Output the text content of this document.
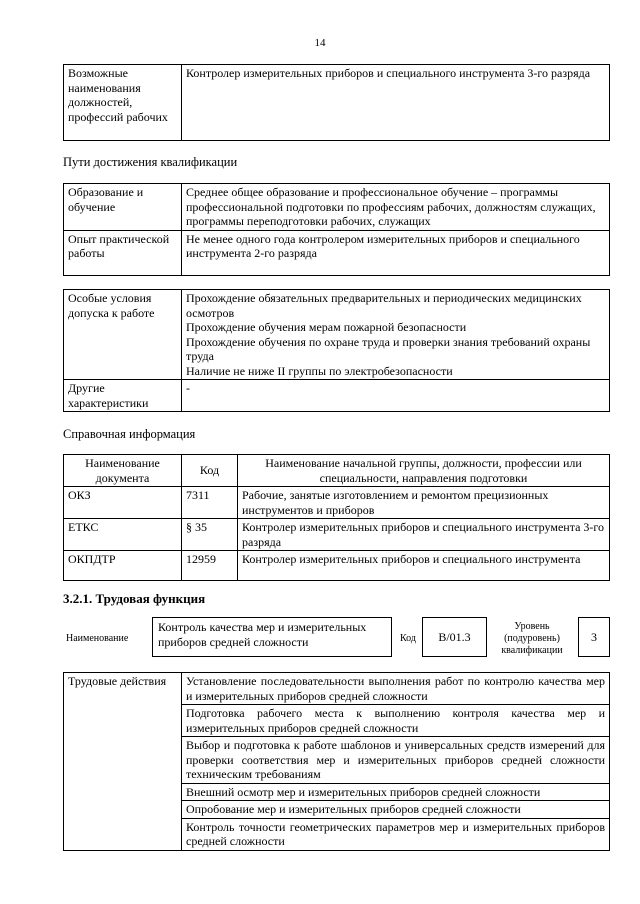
14
Возможные наименования должностей, профессий рабочих	Контролер измерительных приборов и специального инструмента 3-го разряда
Пути достижения квалификации
Образование и обучение	Среднее общее образование и профессиональное обучение – программы профессиональной подготовки по профессиям рабочих, должностям служащих, программы переподготовки рабочих, служащих
Опыт практической работы	Не менее одного года контролером измерительных приборов и специального инструмента 2-го разряда
Особые условия допуска к работе	Прохождение обязательных предварительных и периодических медицинских осмотров
Прохождение обучения мерам пожарной безопасности
Прохождение обучения по охране труда и проверки знания требований охраны труда
Наличие не ниже II группы по электробезопасности

Другие характеристики	-
Справочная информация
Наименование документа	Код	Наименование начальной группы, должности, профессии или специальности, направления подготовки
ОКЗ	7311	Рабочие, занятые изготовлением и ремонтом прецизионных инструментов и приборов
ЕТКС	§ 35	Контролер измерительных приборов и специального инструмента 3-го разряда
ОКПДТР	12959	Контролер измерительных приборов и специального инструмента
3.2.1. Трудовая функция
Наименование
Контроль качества мер и измерительных приборов средней сложности	Код B/01.3
Уровень (подуровень) квалификации
3
Трудовые действия	Установление последовательности выполнения работ по контролю качества мер и измерительных приборов средней сложности
Подготовка рабочего места к выполнению контроля качества мер и измерительных приборов средней сложности
Выбор и подготовка к работе шаблонов и универсальных средств измерений для проверки соответствия мер и измерительных приборов средней сложности техническим требованиям
Внешний осмотр мер и измерительных приборов средней сложности
Опробование мер и измерительных приборов средней сложности
Контроль точности геометрических параметров мер и измерительных приборов средней сложности
